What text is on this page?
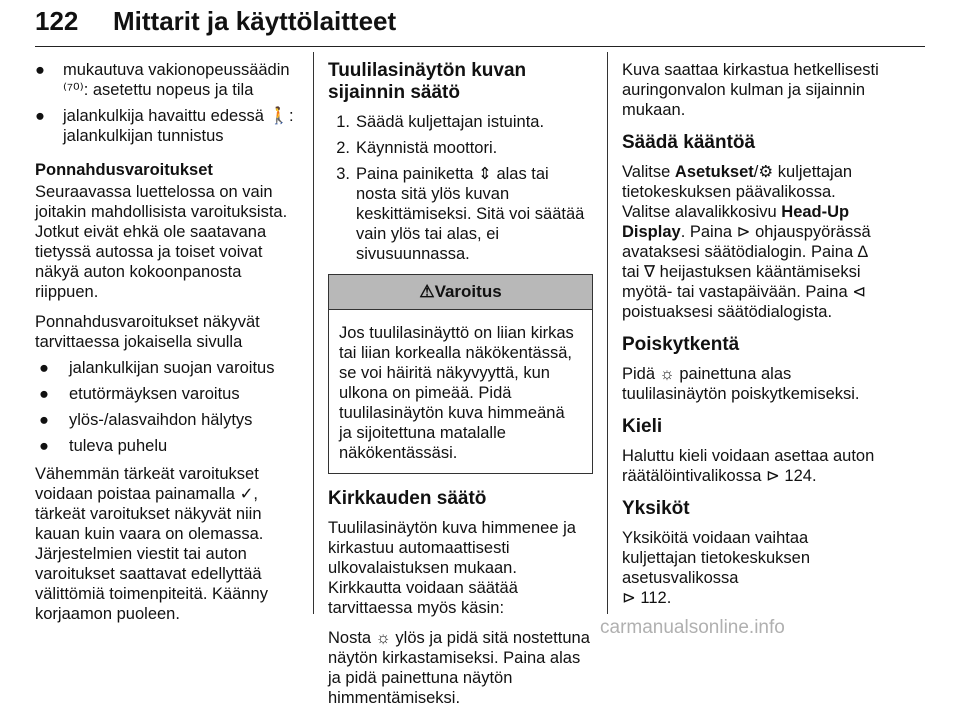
122 Mittarit ja käyttölaitteet
●	mukautuva vakionopeussäädin
⁽⁷⁰⁾: asetettu nopeus ja tila
●	jalankulkija havaittu edessä 🚶: jalankulkijan tunnistus
Ponnahdusvaroitukset

Seuraavassa luettelossa on vain joitakin mahdollisista varoituksista. Jotkut eivät ehkä ole saatavana tietyssä autossa ja toiset voivat näkyä auton kokoonpanosta riippuen.

Ponnahdusvaroitukset näkyvät tarvittaessa jokaisella sivulla

●	jalankulkijan suojan varoitus
●	etutörmäyksen varoitus
●	ylös-/alasvaihdon hälytys
●	tuleva puhelu

Vähemmän tärkeät varoitukset voidaan poistaa painamalla ✓, tärkeät varoitukset näkyvät niin kauan kuin vaara on olemassa. Järjestelmien viestit tai auton varoitukset saattavat edellyttää välittömiä toimenpiteitä. Käänny korjaamon puoleen.

Tuulilasinäytön kuvan sijainnin säätö
1. Säädä kuljettajan istuinta.
2. Käynnistä moottori.
3. Paina painiketta ⇕ alas tai nosta sitä ylös kuvan keskittämiseksi. Sitä voi säätää vain ylös tai alas, ei sivusuunnassa.
⚠ Varoitus

Jos tuulilasinäyttö on liian kirkas tai liian korkealla näkökentässä, se voi häiritä näkyvyyttä, kun ulkona on pimeää. Pidä tuulilasinäytön kuva himmeänä ja sijoitettuna matalalle näkökentässäsi.

Kirkkauden säätö

Tuulilasinäytön kuva himmenee ja kirkastuu automaattisesti ulkovalaistuksen mukaan. Kirkkautta voidaan säätää tarvittaessa myös käsin:

Nosta ☼ ylös ja pidä sitä nostettuna näytön kirkastamiseksi. Paina alas ja pidä painettuna näytön himmentämiseksi.

Kuva saattaa kirkastua hetkellisesti auringonvalon kulman ja sijainnin mukaan.

Säädä kääntöä

Valitse Asetukset/⚙ kuljettajan tietokeskuksen päävalikossa. Valitse alavalikkosivu Head-Up Display. Paina ⊳ ohjauspyörässä avataksesi säätödialogin. Paina ∆ tai ∇ heijastuksen kääntämiseksi myötä- tai vastapäivään. Paina ⊲ poistuaksesi säätödialogista.

Poiskytkentä

Pidä ☼ painettuna alas tuulilasinäytön poiskytkemiseksi.

Kieli

Haluttu kieli voidaan asettaa auton räätälöintivalikossa ⊳ 124.

Yksiköt

Yksiköitä voidaan vaihtaa kuljettajan tietokeskuksen asetusvalikossa
⊳ 112.

carmanualsonline.info
